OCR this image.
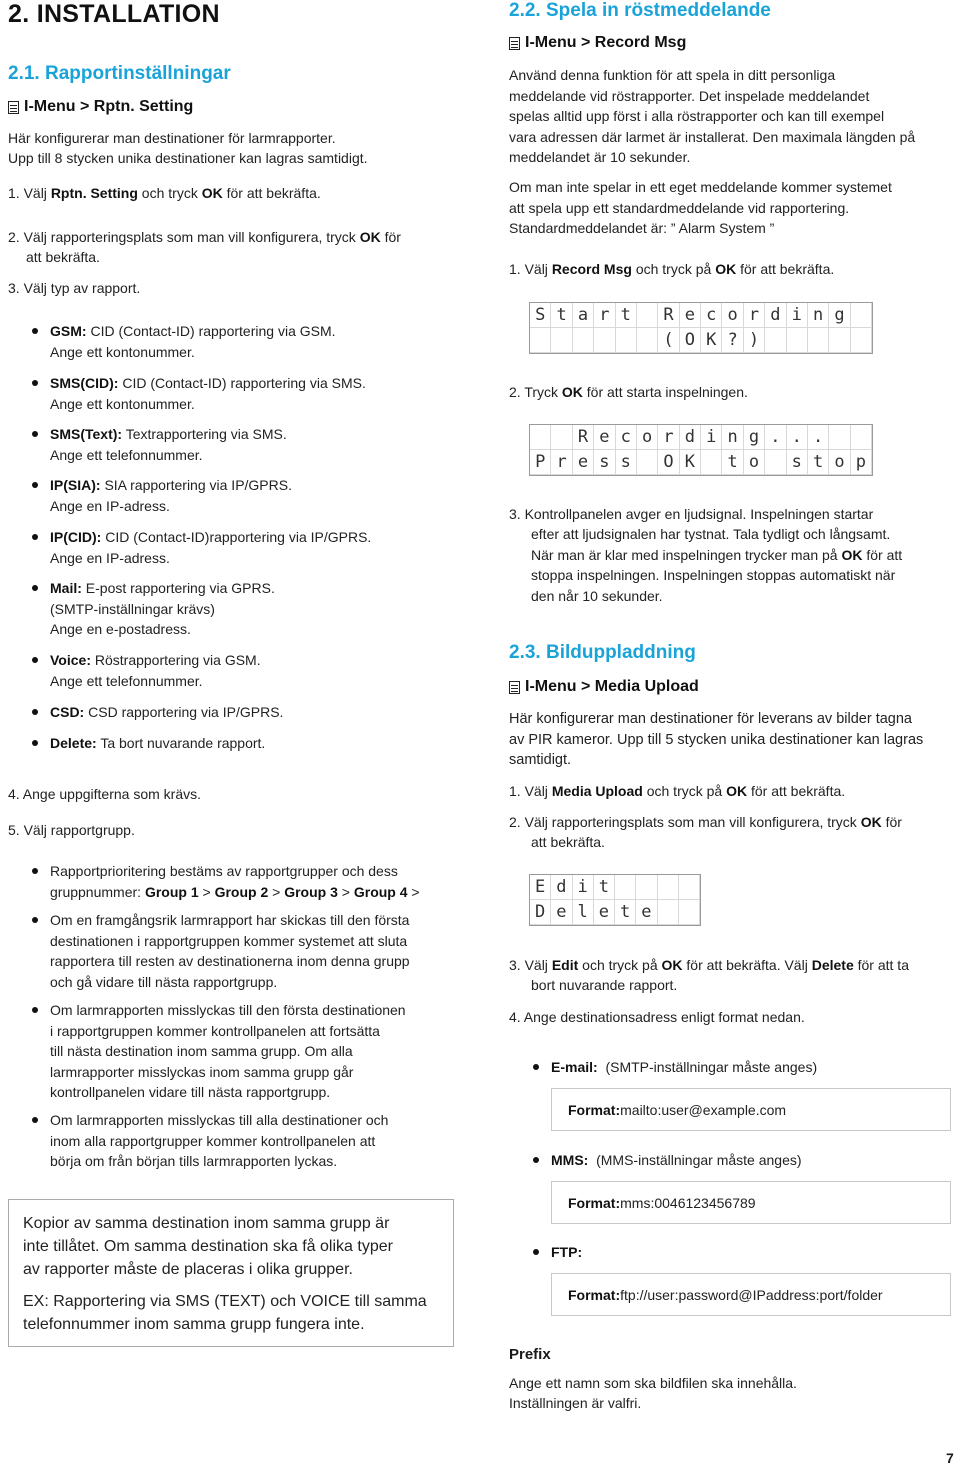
2. INSTALLATION
2.1. Rapportinställningar
I-Menu > Rptn. Setting
Här konfigurerar man destinationer för larmrapporter.
Upp till 8 stycken unika destinationer kan lagras samtidigt.
1. Välj Rptn. Setting och tryck OK för att bekräfta.
2. Välj rapporteringsplats som man vill konfigurera, tryck OK för
att bekräfta.
3. Välj typ av rapport.
GSM: CID (Contact-ID) rapportering via GSM.
Ange ett kontonummer.
SMS(CID): CID (Contact-ID) rapportering via SMS.
Ange ett kontonummer.
SMS(Text): Textrapportering via SMS.
Ange ett telefonnummer.
IP(SIA): SIA rapportering via IP/GPRS.
Ange en IP-adress.
IP(CID): CID (Contact-ID)rapportering via IP/GPRS.
Ange en IP-adress.
Mail: E-post rapportering via GPRS.
(SMTP-inställningar krävs)
Ange en e-postadress.
Voice: Röstrapportering via GSM.
Ange ett telefonnummer.
CSD: CSD rapportering via IP/GPRS.
Delete: Ta bort nuvarande rapport.
4. Ange uppgifterna som krävs.
5. Välj rapportgrupp.
Rapportprioritering bestäms av rapportgrupper och dess
gruppnummer: Group 1 > Group 2 > Group 3 > Group 4 >
Om en framgångsrik larmrapport har skickas till den första
destinationen i rapportgruppen kommer systemet att sluta
rapportera till resten av destinationerna inom denna grupp
och gå vidare till nästa rapportgrupp.
Om larmrapporten misslyckas till den första destinationen
i rapportgruppen kommer kontrollpanelen att fortsätta
till nästa destination inom samma grupp. Om alla
larmrapporter misslyckas inom samma grupp går
kontrollpanelen vidare till nästa rapportgrupp.
Om larmrapporten misslyckas till alla destinationer och
inom alla rapportgrupper kommer kontrollpanelen att
börja om från början tills larmrapporten lyckas.
Kopior av samma destination inom samma grupp är
inte tillåtet. Om samma destination ska få olika typer
av rapporter måste de placeras i olika grupper.
EX: Rapportering via SMS (TEXT) och VOICE till samma
telefonnummer inom samma grupp fungera inte.
2.2. Spela in röstmeddelande
I-Menu > Record Msg
Använd denna funktion för att spela in ditt personliga
meddelande vid röstrapporter. Det inspelade meddelandet
spelas alltid upp först i alla röstrapporter och kan till exempel
vara adressen där larmet är installerat. Den maximala längden på
meddelandet är 10 sekunder.
Om man inte spelar in ett eget meddelande kommer systemet
att spela upp ett standardmeddelande vid rapportering.
Standardmeddelandet är: ” Alarm System ”
1. Välj Record Msg och tryck på OK för att bekräfta.
S t a r t	R e c o r d i n g
( O K ? )
2. Tryck OK för att starta inspelningen.
R e c o r d i n g . . .
P r e s s	O K	t o	s t o p
3. Kontrollpanelen avger en ljudsignal. Inspelningen startar
efter att ljudsignalen har tystnat. Tala tydligt och långsamt.
När man är klar med inspelningen trycker man på OK för att
stoppa inspelningen. Inspelningen stoppas automatiskt när
den når 10 sekunder.
2.3. Bilduppladdning
I-Menu > Media Upload
Här konfigurerar man destinationer för leverans av bilder tagna
av PIR kameror. Upp till 5 stycken unika destinationer kan lagras
samtidigt.
1. Välj Media Upload och tryck på OK för att bekräfta.
2. Välj rapporteringsplats som man vill konfigurera, tryck OK för
att bekräfta.
E d i t
D e l e t e
3. Välj Edit och tryck på OK för att bekräfta. Välj Delete för att ta
bort nuvarande rapport.
4. Ange destinationsadress enligt format nedan.
E-mail: (SMTP-inställningar måste anges)
Format: mailto:user@example.com
MMS: (MMS-inställningar måste anges)
Format: mms:0046123456789
FTP:
Format: ftp://user:password@IPaddress:port/folder
Prefix
Ange ett namn som ska bildfilen ska innehålla.
Inställningen är valfri.
7
